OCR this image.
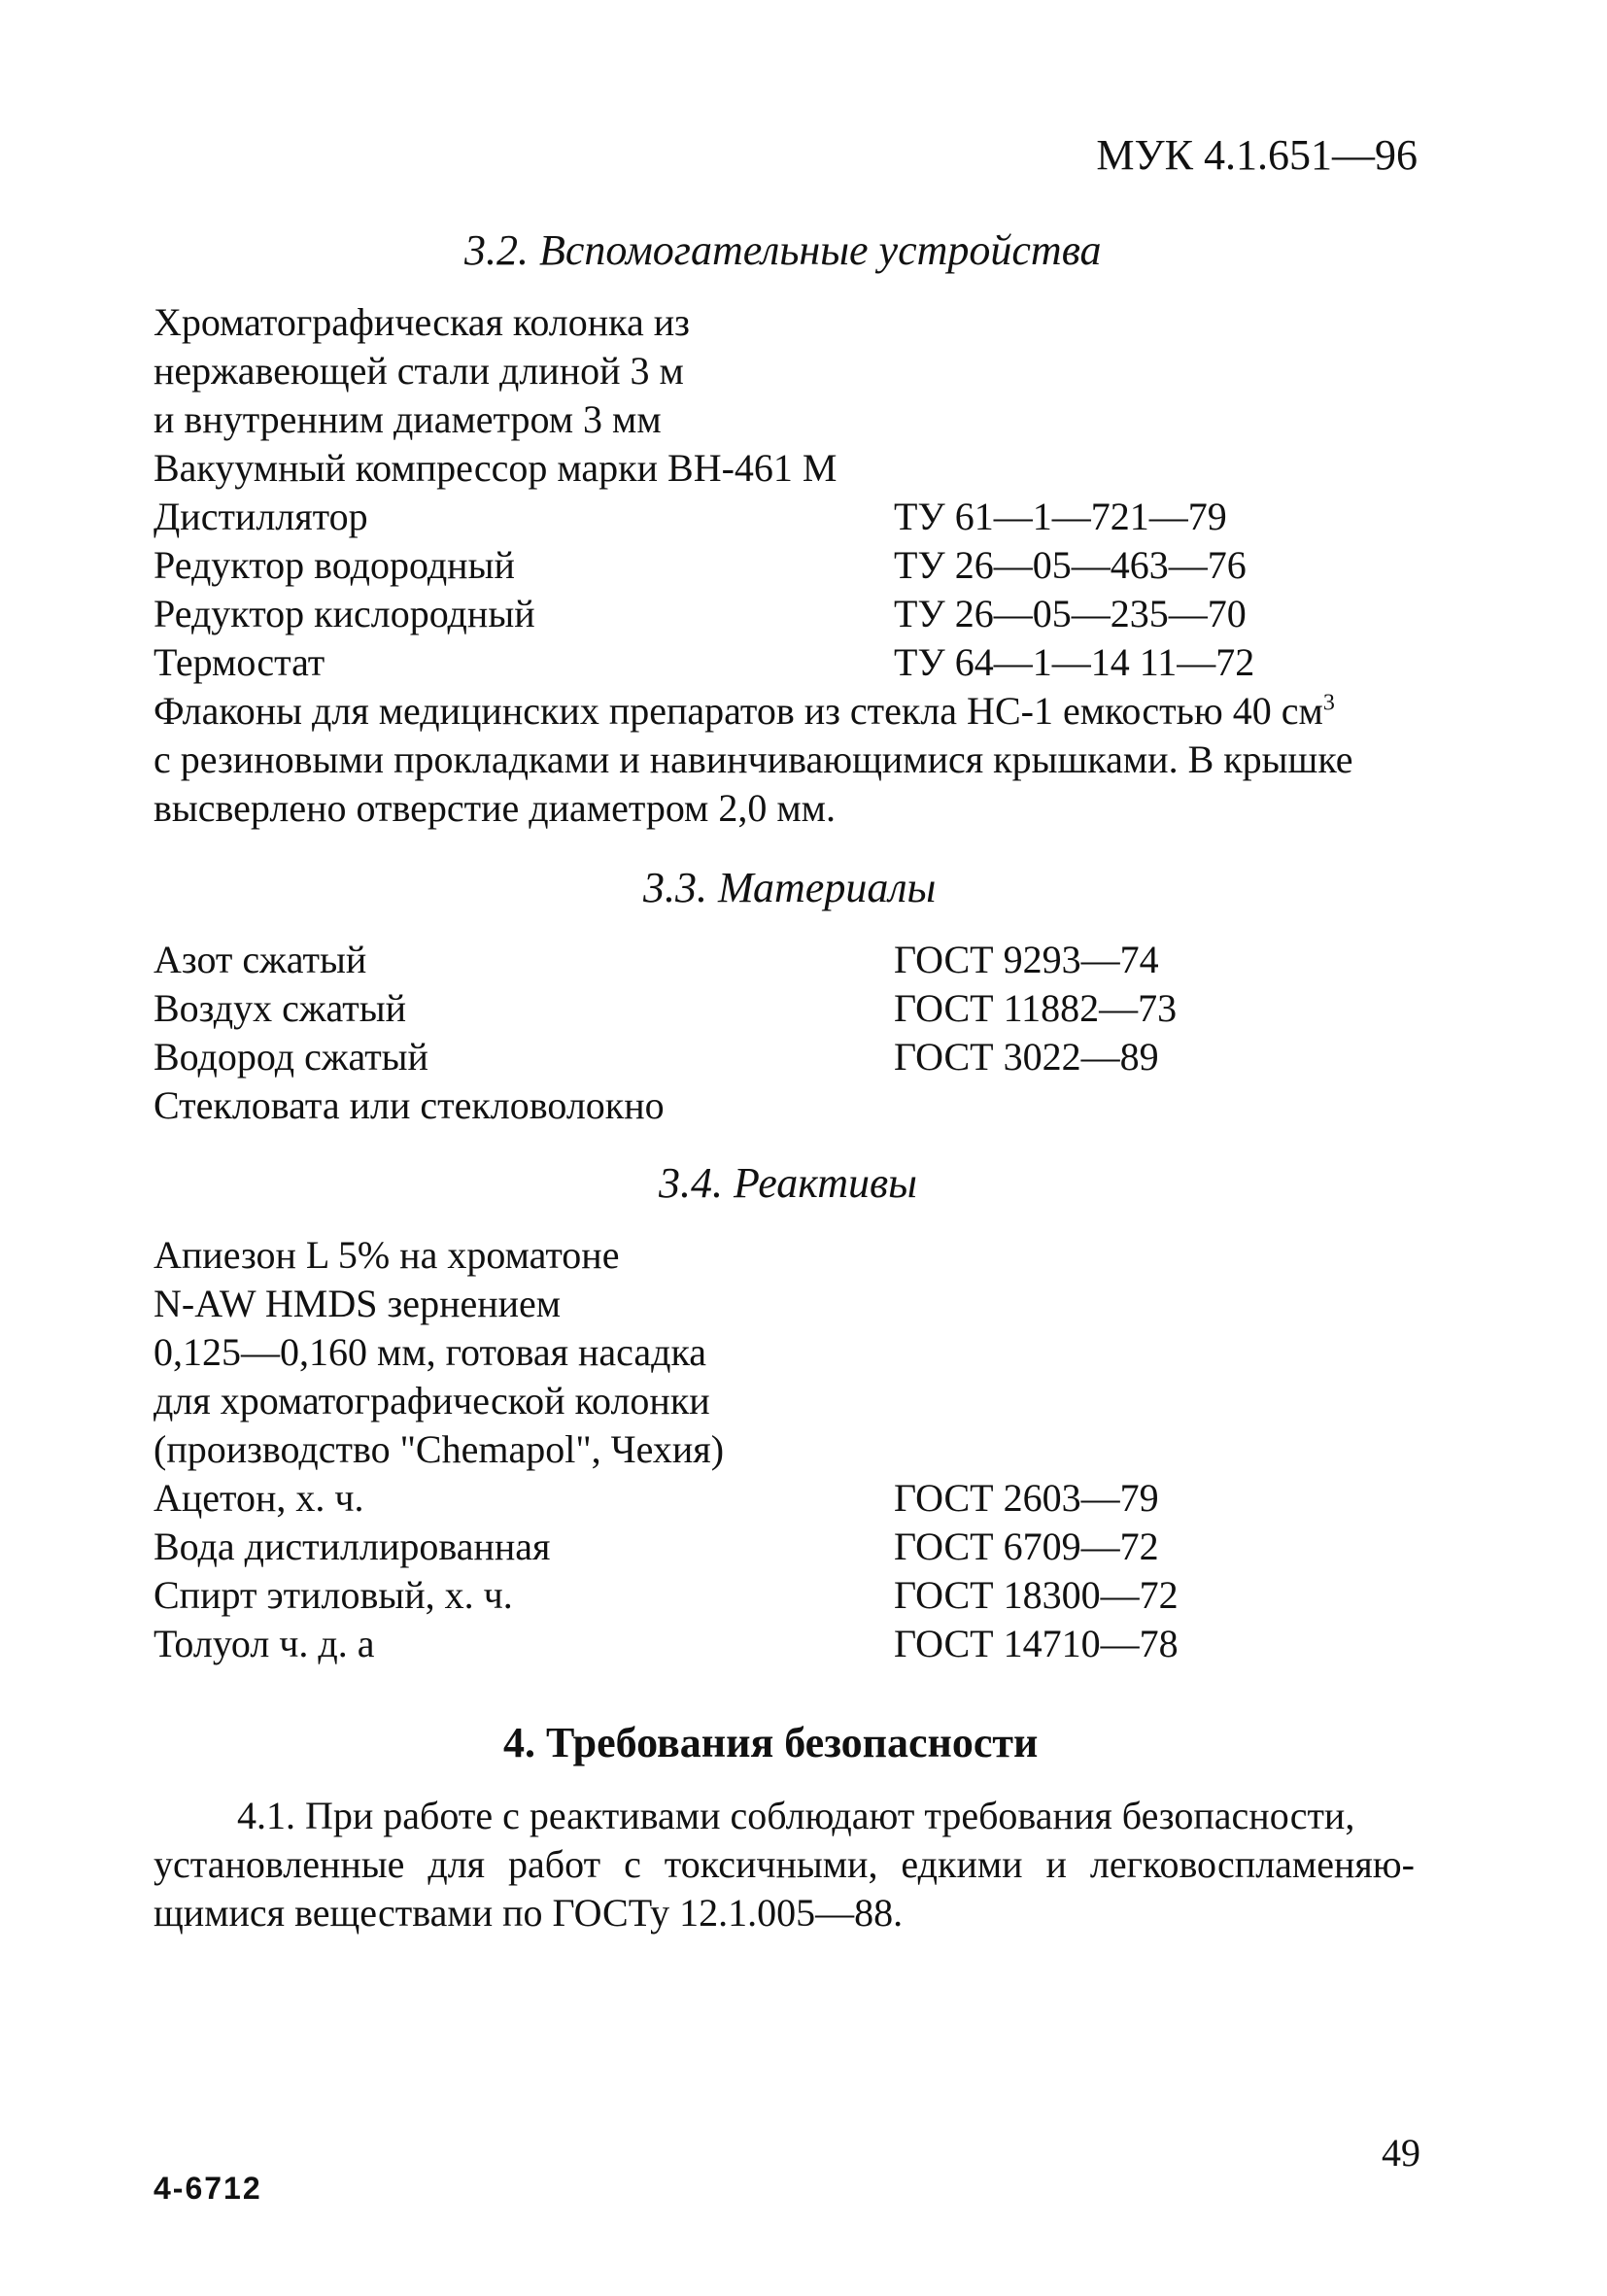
МУК 4.1.651—96
3.2. Вспомогательные устройства
Хроматографическая колонка из
нержавеющей стали длиной 3 м
и внутренним диаметром 3 мм
Вакуумный компрессор марки ВН-461 М
Дистиллятор	ТУ 61—1—721—79
Редуктор водородный	ТУ 26—05—463—76
Редуктор кислородный	ТУ 26—05—235—70
Термостат	ТУ 64—1—14 11—72
Флаконы для медицинских препаратов из стекла НС-1 емкостью 40 $см^3$
с резиновыми прокладками и навинчивающимися крышками. В крышке
высверлено отверстие диаметром 2,0 мм.
3.3. Материалы
Азот сжатый	ГОСТ 9293—74
Воздух сжатый	ГОСТ 11882—73
Водород сжатый	ГОСТ 3022—89
Стекловата или стекловолокно
3.4. Реактивы
Апиезон L 5% на хроматоне
N-AW HMDS зернением
0,125—0,160 мм, готовая насадка
для хроматографической колонки
(производство "Chemapol", Чехия)
Ацетон, х. ч.	ГОСТ 2603—79
Вода дистиллированная	ГОСТ 6709—72
Спирт этиловый, х. ч.	ГОСТ 18300—72
Толуол ч. д. а	ГОСТ 14710—78
4. Требования безопасности
4.1. При работе с реактивами соблюдают требования безопасности,
установленные для работ с токсичными, едкими и легковоспламеняю-
щимися веществами по ГОСТу 12.1.005—88.
49
4-6712
